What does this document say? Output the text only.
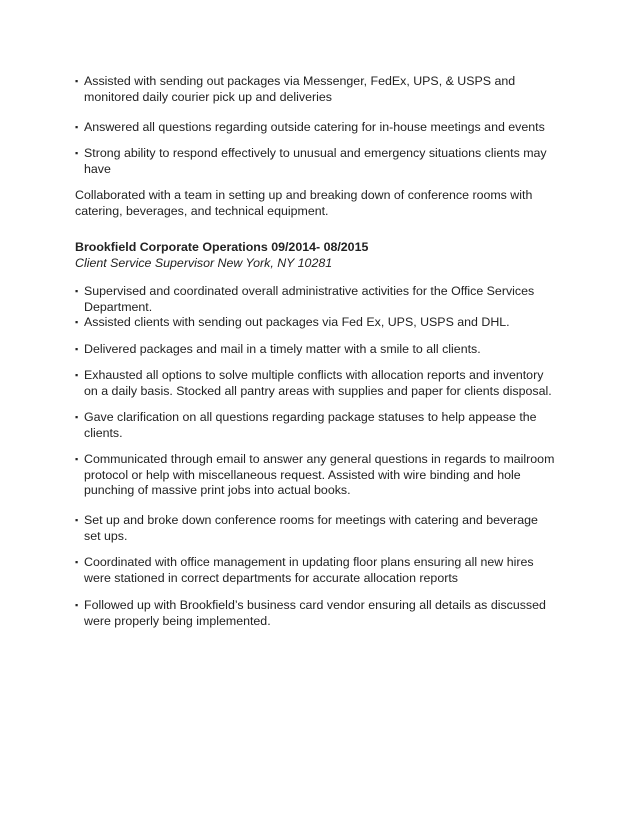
▪ Assisted with sending out packages via Messenger, FedEx, UPS, & USPS and
monitored daily courier pick up and deliveries
▪ Answered all questions regarding outside catering for in-house meetings and events
▪ Strong ability to respond effectively to unusual and emergency situations clients may
have
Collaborated with a team in setting up and breaking down of conference rooms with
catering, beverages, and technical equipment.
Brookfield Corporate Operations 09/2014- 08/2015
Client Service Supervisor New York, NY 10281
▪ Supervised and coordinated overall administrative activities for the Office Services
Department.
▪ Assisted clients with sending out packages via Fed Ex, UPS, USPS and DHL.
▪ Delivered packages and mail in a timely matter with a smile to all clients.
▪ Exhausted all options to solve multiple conflicts with allocation reports and inventory
on a daily basis. Stocked all pantry areas with supplies and paper for clients disposal.
▪ Gave clarification on all questions regarding package statuses to help appease the
clients.
▪ Communicated through email to answer any general questions in regards to mailroom
protocol or help with miscellaneous request. Assisted with wire binding and hole
punching of massive print jobs into actual books.
▪ Set up and broke down conference rooms for meetings with catering and beverage
set ups.
▪ Coordinated with office management in updating floor plans ensuring all new hires
were stationed in correct departments for accurate allocation reports
▪ Followed up with Brookfield’s business card vendor ensuring all details as discussed
were properly being implemented.
